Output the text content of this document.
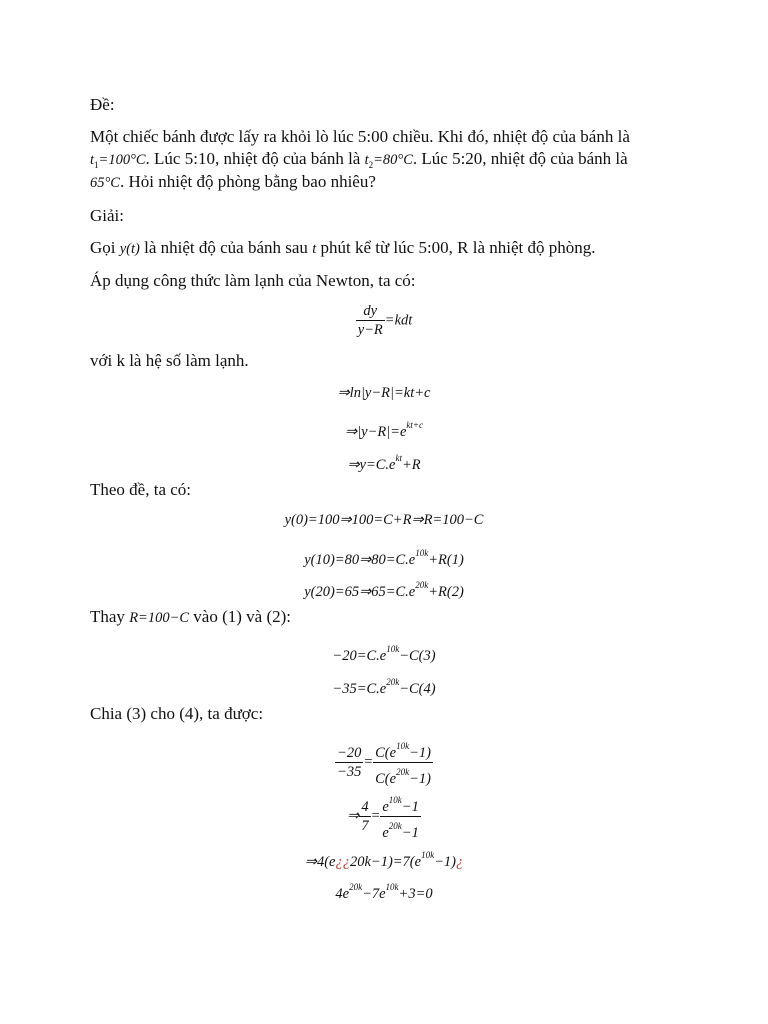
Đề:
Một chiếc bánh được lấy ra khỏi lò lúc 5:00 chiều. Khi đó, nhiệt độ của bánh là
$t_1=100^\circ C$. Lúc 5:10, nhiệt độ của bánh là $t_2=80^\circ C$. Lúc 5:20, nhiệt độ của bánh là
65°C. Hỏi nhiệt độ phòng bằng bao nhiêu?
Giải:
Gọi y(t) là nhiệt độ của bánh sau t phút kể từ lúc 5:00, R là nhiệt độ phòng.
Áp dụng công thức làm lạnh của Newton, ta có:
$\frac{dy}{y-R} =kdt$
với k là hệ số làm lạnh.
⇒ln|y−R|=kt+c
$\Rightarrow|y-R|=e^{kt+c}$
$\Rightarrow y=C.e^{kt}+R$
Theo đề, ta có:
y(0)=100⇒100=C+R⇒R=100−C
$y(10)=80\Rightarrow 80=C.e^{10k}+R(1)$
$y(20)=65\Rightarrow 65=C.e^{20k}+R(2)$
Thay R=100−C vào (1) và (2):
$-20=C.e^{10k}-C(3)$
$-35=C.e^{20k}-C(4)$
Chia (3) cho (4), ta được:
$\frac{-20}{-35} = \frac{C(e^{10k}-1)}{C(e^{20k}-1)}$
⇒ $\frac{4}{7} = \frac{e^{10k}-1}{e^{20k}-1}$
$\Rightarrow 4(e¿¿20k-1)=7(e^{10k}-1)¿$
$4e^{20k}-7e^{10k}+3=0$
